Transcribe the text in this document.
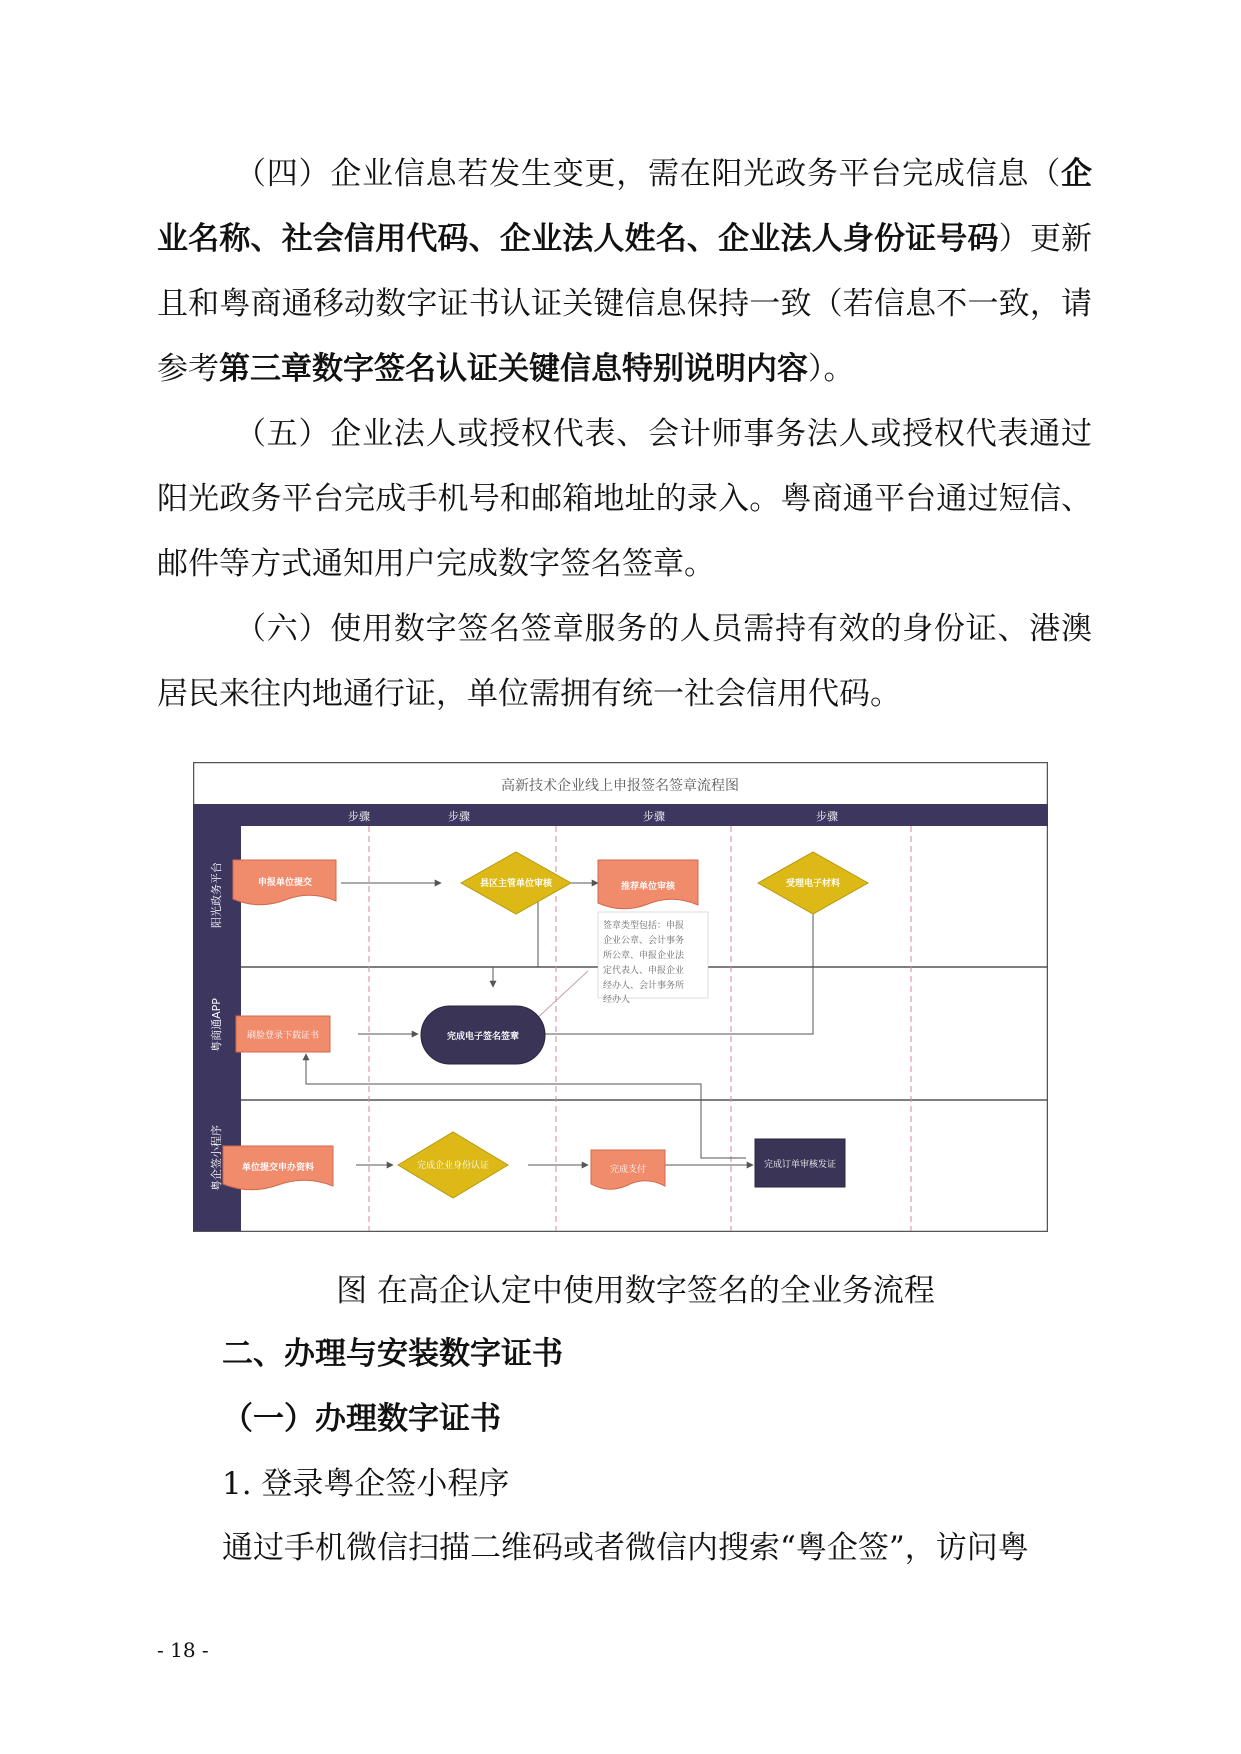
（四）企业信息若发生变更，需在阳光政务平台完成信息（企业名称、社会信用代码、企业法人姓名、企业法人身份证号码）更新且和粤商通移动数字证书认证关键信息保持一致（若信息不一致，请参考第三章数字签名认证关键信息特别说明内容）。

（五）企业法人或授权代表、会计师事务法人或授权代表通过阳光政务平台完成手机号和邮箱地址的录入。粤商通平台通过短信、邮件等方式通知用户完成数字签名签章。

（六）使用数字签名签章服务的人员需持有效的身份证、港澳居民来往内地通行证，单位需拥有统一社会信用代码。

高新技术企业线上申报签名签章流程图
步骤	步骤	步骤	步骤
阳光政务平台
粤商通APP
粤企签小程序
申报单位提交	县区主管单位审核	推荐单位审核	受理电子材料
签章类型包括：申报
企业公章、会计事务
所公章、申报企业法
定代表人、申报企业
经办人、会计事务所
经办人
刷脸登录下载证书	完成电子签名签章
单位提交申办资料	完成企业身份认证	完成支付	完成订单审核发证

图 在高企认定中使用数字签名的全业务流程

二、办理与安装数字证书

（一）办理数字证书

1. 登录粤企签小程序

通过手机微信扫描二维码或者微信内搜索“粤企签”，访问粤

- 18 -
